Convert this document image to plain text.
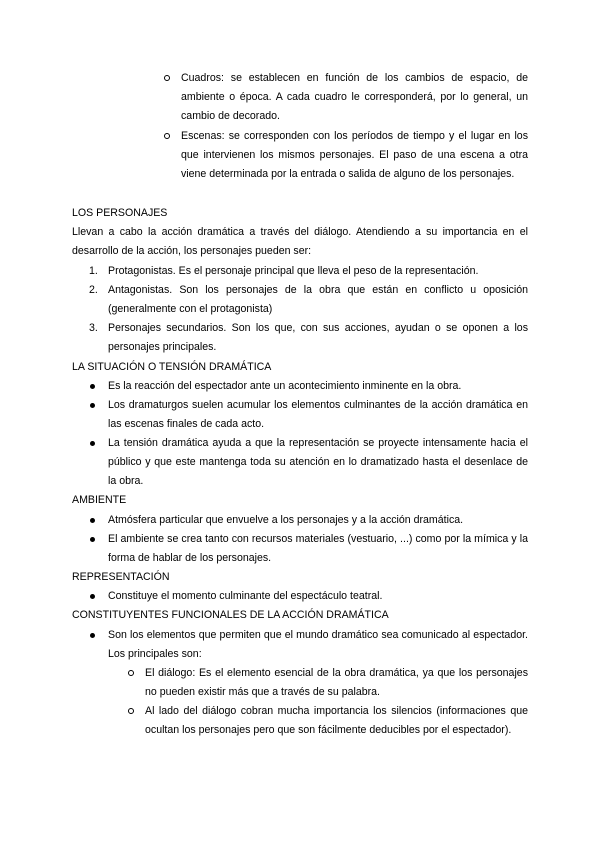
Cuadros: se establecen en función de los cambios de espacio, de ambiente o época. A cada cuadro le corresponderá, por lo general, un cambio de decorado.

Escenas: se corresponden con los períodos de tiempo y el lugar en los que intervienen los mismos personajes. El paso de una escena a otra viene determinada por la entrada o salida de alguno de los personajes.

LOS PERSONAJES

Llevan a cabo la acción dramática a través del diálogo. Atendiendo a su importancia en el desarrollo de la acción, los personajes pueden ser:

1. Protagonistas. Es el personaje principal que lleva el peso de la representación.

2. Antagonistas. Son los personajes de la obra que están en conflicto u oposición (generalmente con el protagonista)

3. Personajes secundarios. Son los que, con sus acciones, ayudan o se oponen a los personajes principales.

LA SITUACIÓN O TENSIÓN DRAMÁTICA

Es la reacción del espectador ante un acontecimiento inminente en la obra.

Los dramaturgos suelen acumular los elementos culminantes de la acción dramática en las escenas finales de cada acto.

La tensión dramática ayuda a que la representación se proyecte intensamente hacia el público y que este mantenga toda su atención en lo dramatizado hasta el desenlace de la obra.

AMBIENTE

Atmósfera particular que envuelve a los personajes y a la acción dramática.

El ambiente se crea tanto con recursos materiales (vestuario, ...) como por la mímica y la forma de hablar de los personajes.

REPRESENTACIÓN

Constituye el momento culminante del espectáculo teatral.

CONSTITUYENTES FUNCIONALES DE LA ACCIÓN DRAMÁTICA

Son los elementos que permiten que el mundo dramático sea comunicado al espectador. Los principales son:

El diálogo: Es el elemento esencial de la obra dramática, ya que los personajes no pueden existir más que a través de su palabra.

Al lado del diálogo cobran mucha importancia los silencios (informaciones que ocultan los personajes pero que son fácilmente deducibles por el espectador).
